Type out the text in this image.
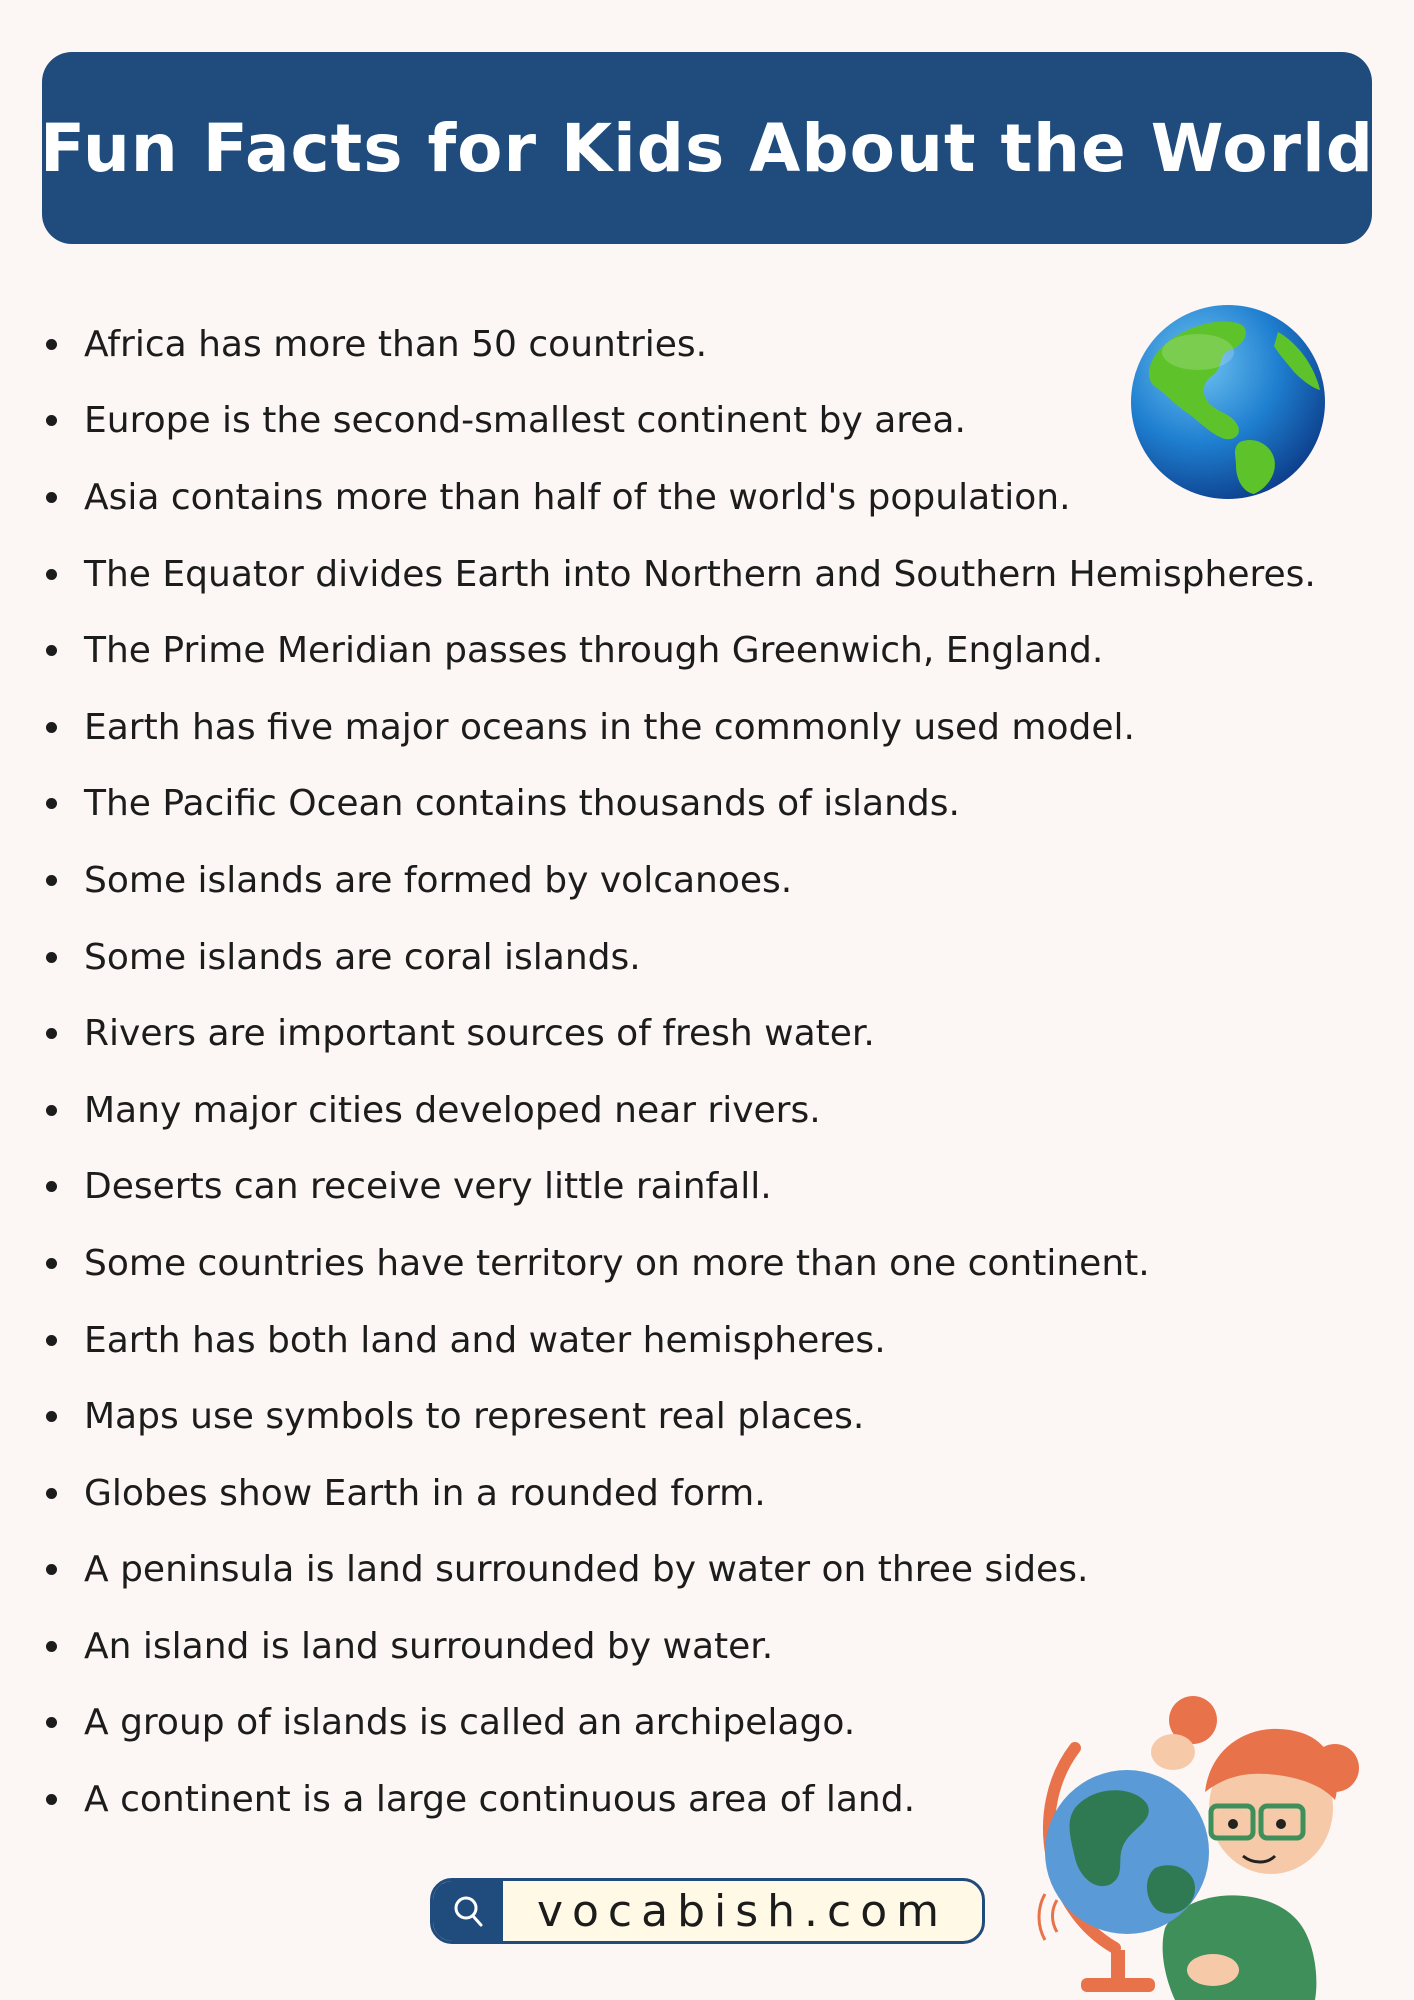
Fun Facts for Kids About the World
Africa has more than 50 countries.
Europe is the second-smallest continent by area.
Asia contains more than half of the world's population.
The Equator divides Earth into Northern and Southern Hemispheres.
The Prime Meridian passes through Greenwich, England.
Earth has five major oceans in the commonly used model.
The Pacific Ocean contains thousands of islands.
Some islands are formed by volcanoes.
Some islands are coral islands.
Rivers are important sources of fresh water.
Many major cities developed near rivers.
Deserts can receive very little rainfall.
Some countries have territory on more than one continent.
Earth has both land and water hemispheres.
Maps use symbols to represent real places.
Globes show Earth in a rounded form.
A peninsula is land surrounded by water on three sides.
An island is land surrounded by water.
A group of islands is called an archipelago.
A continent is a large continuous area of land.
vocabish.com
